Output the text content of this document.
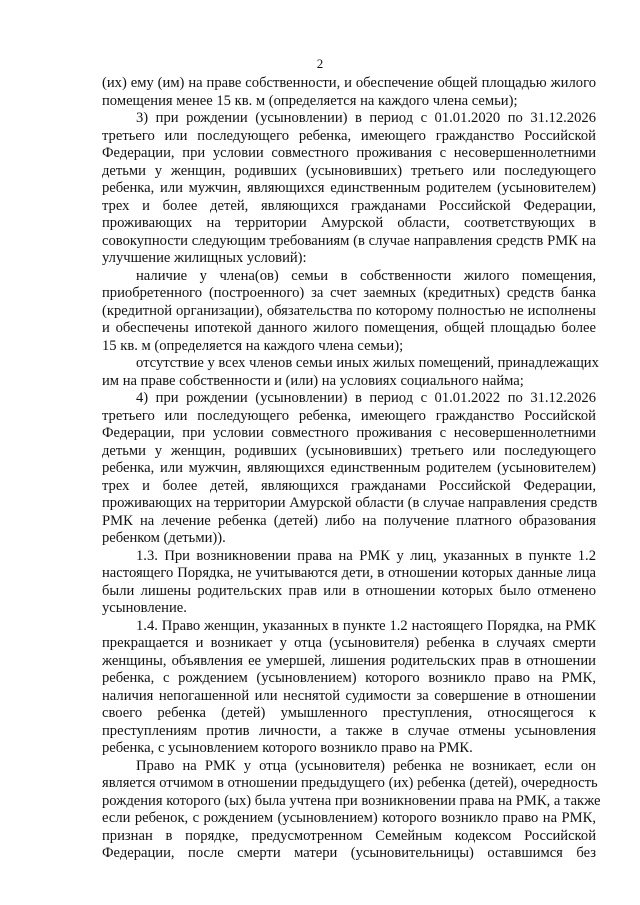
2
(их) ему (им) на праве собственности, и обеспечение общей площадью жилого
помещения менее 15 кв. м (определяется на каждого члена семьи);
3) при рождении (усыновлении) в период с 01.01.2020 по 31.12.2026
третьего или последующего ребенка, имеющего гражданство Российской
Федерации, при условии совместного проживания с несовершеннолетними
детьми у женщин, родивших (усыновивших) третьего или последующего
ребенка, или мужчин, являющихся единственным родителем (усыновителем)
трех и более детей, являющихся гражданами Российской Федерации,
проживающих на территории Амурской области, соответствующих в
совокупности следующим требованиям (в случае направления средств РМК на
улучшение жилищных условий):
наличие у члена(ов) семьи в собственности жилого помещения,
приобретенного (построенного) за счет заемных (кредитных) средств банка
(кредитной организации), обязательства по которому полностью не исполнены
и обеспечены ипотекой данного жилого помещения, общей площадью более
15 кв. м (определяется на каждого члена семьи);
отсутствие у всех членов семьи иных жилых помещений, принадлежащих
им на праве собственности и (или) на условиях социального найма;
4) при рождении (усыновлении) в период с 01.01.2022 по 31.12.2026
третьего или последующего ребенка, имеющего гражданство Российской
Федерации, при условии совместного проживания с несовершеннолетними
детьми у женщин, родивших (усыновивших) третьего или последующего
ребенка, или мужчин, являющихся единственным родителем (усыновителем)
трех и более детей, являющихся гражданами Российской Федерации,
проживающих на территории Амурской области (в случае направления средств
РМК на лечение ребенка (детей) либо на получение платного образования
ребенком (детьми)).
1.3. При возникновении права на РМК у лиц, указанных в пункте 1.2
настоящего Порядка, не учитываются дети, в отношении которых данные лица
были лишены родительских прав или в отношении которых было отменено
усыновление.
1.4. Право женщин, указанных в пункте 1.2 настоящего Порядка, на РМК
прекращается и возникает у отца (усыновителя) ребенка в случаях смерти
женщины, объявления ее умершей, лишения родительских прав в отношении
ребенка, с рождением (усыновлением) которого возникло право на РМК,
наличия непогашенной или неснятой судимости за совершение в отношении
своего ребенка (детей) умышленного преступления, относящегося к
преступлениям против личности, а также в случае отмены усыновления
ребенка, с усыновлением которого возникло право на РМК.
Право на РМК у отца (усыновителя) ребенка не возникает, если он
является отчимом в отношении предыдущего (их) ребенка (детей), очередность
рождения которого (ых) была учтена при возникновении права на РМК, а также
если ребенок, с рождением (усыновлением) которого возникло право на РМК,
признан в порядке, предусмотренном Семейным кодексом Российской
Федерации, после смерти матери (усыновительницы) оставшимся без
